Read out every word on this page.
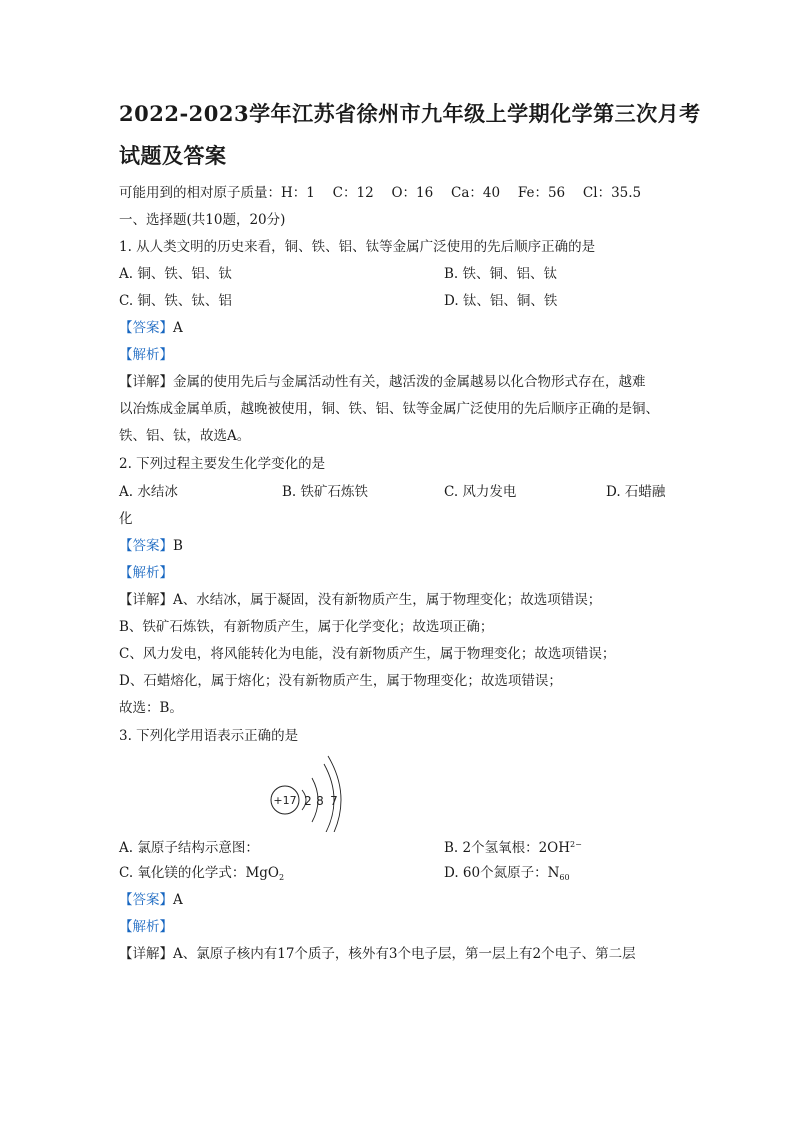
2022-2023学年江苏省徐州市九年级上学期化学第三次月考
试题及答案
可能用到的相对原子质量：H：1　 C：12　 O：16　 Ca：40　 Fe：56　 Cl：35.5
一、选择题(共10题，20分)
1. 从人类文明的历史来看，铜、铁、铝、钛等金属广泛使用的先后顺序正确的是
A. 铜、铁、铝、钛	B. 铁、铜、铝、钛
C. 铜、铁、钛、铝	D. 钛、铝、铜、铁
【答案】A
【解析】
【详解】金属的使用先后与金属活动性有关，越活泼的金属越易以化合物形式存在，越难
以冶炼成金属单质，越晚被使用，铜、铁、铝、钛等金属广泛使用的先后顺序正确的是铜、
铁、铝、钛，故选A。
2. 下列过程主要发生化学变化的是
A. 水结冰	B. 铁矿石炼铁	C. 风力发电	D. 石蜡融
化
【答案】B
【解析】
【详解】A、水结冰，属于凝固，没有新物质产生，属于物理变化；故选项错误；
B、铁矿石炼铁，有新物质产生，属于化学变化；故选项正确；
C、风力发电，将风能转化为电能，没有新物质产生，属于物理变化；故选项错误；
D、石蜡熔化，属于熔化；没有新物质产生，属于物理变化；故选项错误；
故选：B。
3. 下列化学用语表示正确的是
+17 2 8 7
A. 氯原子结构示意图：	B. 2个氢氧根：$2OH^{2-}$
C. 氧化镁的化学式：MgO$_2$	D. 60个氮原子：$N_{60}$
【答案】A
【解析】
【详解】A、氯原子核内有17个质子，核外有3个电子层，第一层上有2个电子、第二层
